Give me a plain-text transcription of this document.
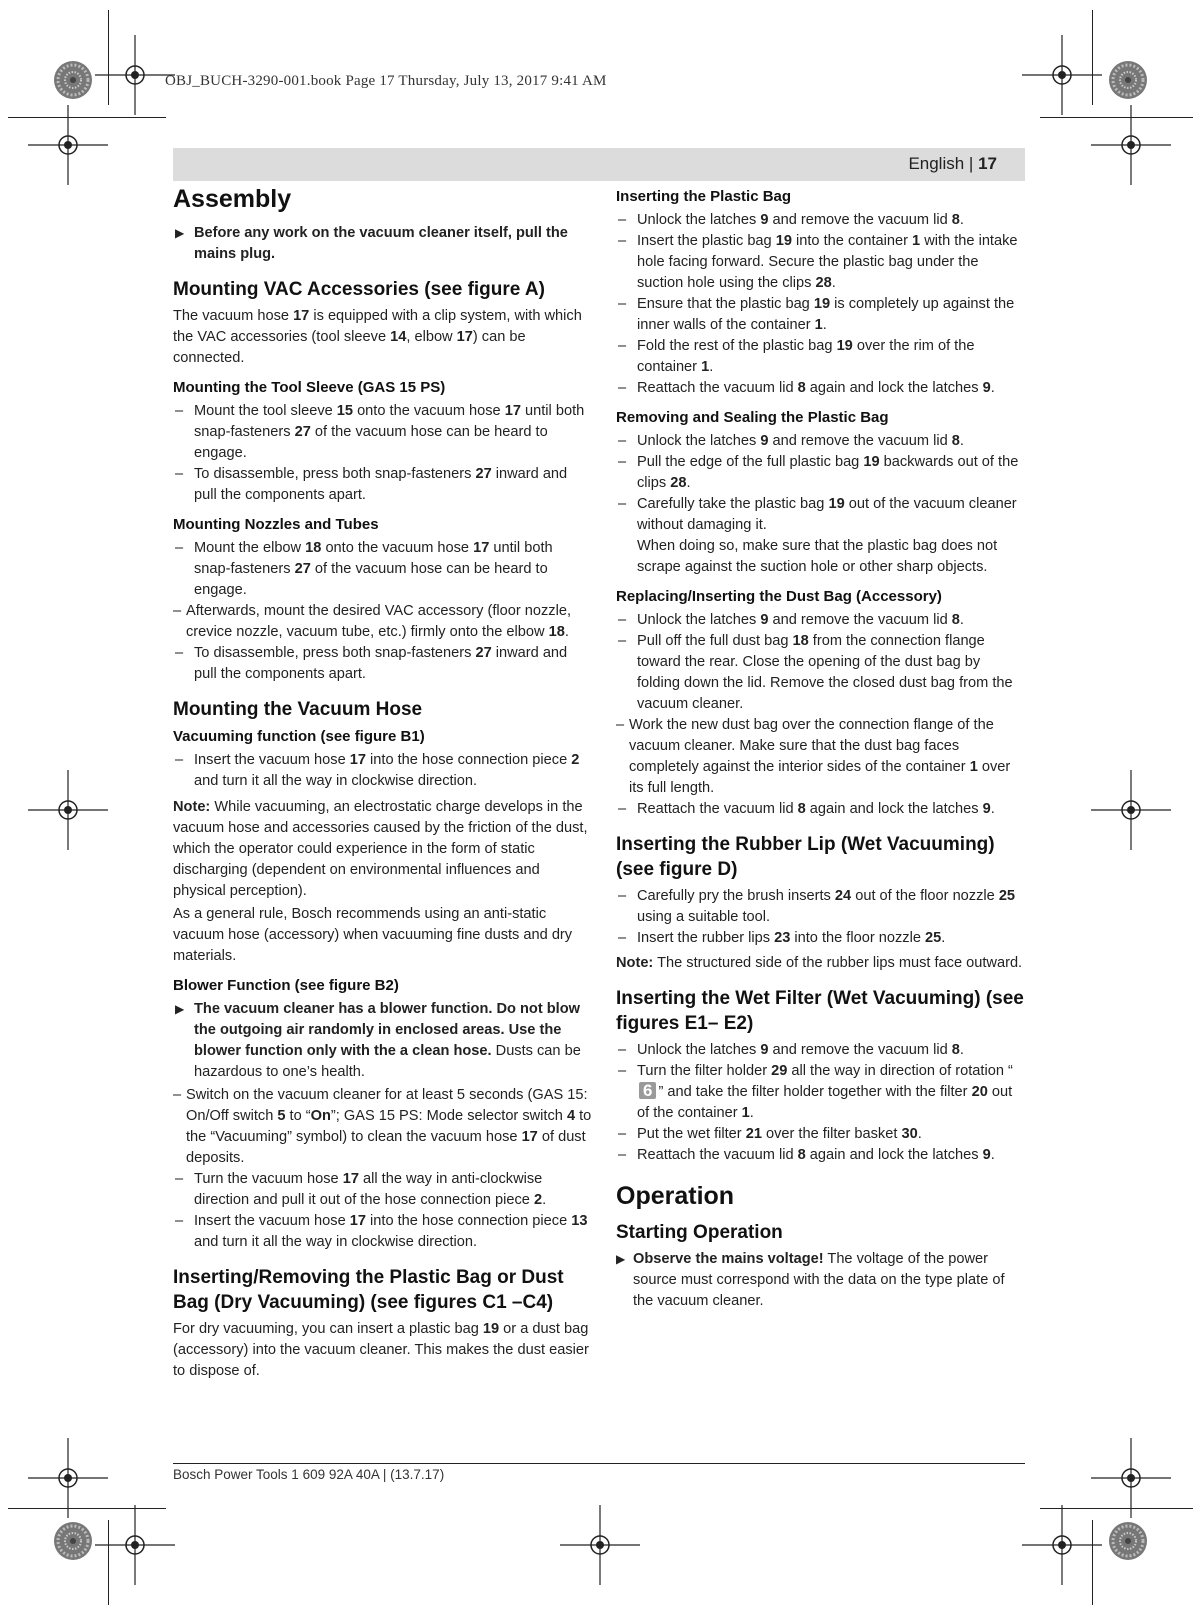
OBJ_BUCH-3290-001.book Page 17 Thursday, July 13, 2017 9:41 AM
English | 17
Assembly
▶ Before any work on the vacuum cleaner itself, pull the mains plug.
Mounting VAC Accessories (see figure A)
The vacuum hose 17 is equipped with a clip system, with which the VAC accessories (tool sleeve 14, elbow 17) can be connected.
Mounting the Tool Sleeve (GAS 15 PS)
– Mount the tool sleeve 15 onto the vacuum hose 17 until both snap-fasteners 27 of the vacuum hose can be heard to engage.
– To disassemble, press both snap-fasteners 27 inward and pull the components apart.
Mounting Nozzles and Tubes
– Mount the elbow 18 onto the vacuum hose 17 until both snap-fasteners 27 of the vacuum hose can be heard to engage.
– Afterwards, mount the desired VAC accessory (floor nozzle, crevice nozzle, vacuum tube, etc.) firmly onto the elbow 18.
– To disassemble, press both snap-fasteners 27 inward and pull the components apart.
Mounting the Vacuum Hose
Vacuuming function (see figure B1)
– Insert the vacuum hose 17 into the hose connection piece 2 and turn it all the way in clockwise direction.
Note: While vacuuming, an electrostatic charge develops in the vacuum hose and accessories caused by the friction of the dust, which the operator could experience in the form of static discharging (dependent on environmental influences and physical perception).
As a general rule, Bosch recommends using an anti-static vacuum hose (accessory) when vacuuming fine dusts and dry materials.
Blower Function (see figure B2)
▶ The vacuum cleaner has a blower function. Do not blow the outgoing air randomly in enclosed areas. Use the blower function only with the a clean hose. Dusts can be hazardous to one’s health.
– Switch on the vacuum cleaner for at least 5 seconds (GAS 15: On/Off switch 5 to “On”; GAS 15 PS: Mode selector switch 4 to the “Vacuuming” symbol) to clean the vacuum hose 17 of dust deposits.
– Turn the vacuum hose 17 all the way in anti-clockwise direction and pull it out of the hose connection piece 2.
– Insert the vacuum hose 17 into the hose connection piece 13 and turn it all the way in clockwise direction.
Inserting/Removing the Plastic Bag or Dust Bag (Dry Vacuuming) (see figures C1 –C4)
For dry vacuuming, you can insert a plastic bag 19 or a dust bag (accessory) into the vacuum cleaner. This makes the dust easier to dispose of.
Inserting the Plastic Bag
– Unlock the latches 9 and remove the vacuum lid 8.
– Insert the plastic bag 19 into the container 1 with the intake hole facing forward. Secure the plastic bag under the suction hole using the clips 28.
– Ensure that the plastic bag 19 is completely up against the inner walls of the container 1.
– Fold the rest of the plastic bag 19 over the rim of the container 1.
– Reattach the vacuum lid 8 again and lock the latches 9.
Removing and Sealing the Plastic Bag
– Unlock the latches 9 and remove the vacuum lid 8.
– Pull the edge of the full plastic bag 19 backwards out of the clips 28.
– Carefully take the plastic bag 19 out of the vacuum cleaner without damaging it.
When doing so, make sure that the plastic bag does not scrape against the suction hole or other sharp objects.
Replacing/Inserting the Dust Bag (Accessory)
– Unlock the latches 9 and remove the vacuum lid 8.
– Pull off the full dust bag 18 from the connection flange toward the rear. Close the opening of the dust bag by folding down the lid. Remove the closed dust bag from the vacuum cleaner.
– Work the new dust bag over the connection flange of the vacuum cleaner. Make sure that the dust bag faces completely against the interior sides of the container 1 over its full length.
– Reattach the vacuum lid 8 again and lock the latches 9.
Inserting the Rubber Lip (Wet Vacuuming) (see figure D)
– Carefully pry the brush inserts 24 out of the floor nozzle 25 using a suitable tool.
– Insert the rubber lips 23 into the floor nozzle 25.
Note: The structured side of the rubber lips must face outward.
Inserting the Wet Filter (Wet Vacuuming) (see figures E1– E2)
– Unlock the latches 9 and remove the vacuum lid 8.
– Turn the filter holder 29 all the way in direction of rotation “6 ” and take the filter holder together with the filter 20 out of the container 1.
– Put the wet filter 21 over the filter basket 30.
– Reattach the vacuum lid 8 again and lock the latches 9.
Operation
Starting Operation
▶ Observe the mains voltage! The voltage of the power source must correspond with the data on the type plate of the vacuum cleaner.
Bosch Power Tools 1 609 92A 40A | (13.7.17)
